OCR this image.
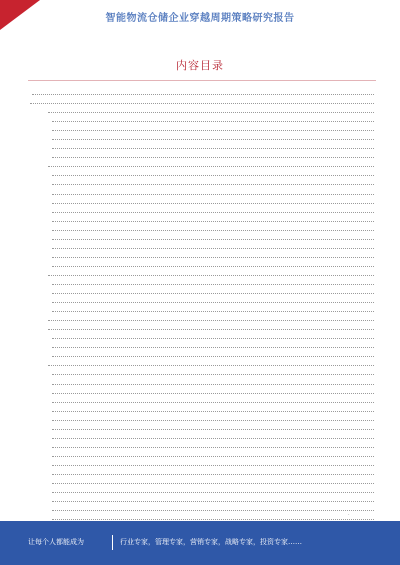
智能物流仓储企业穿越周期策略研究报告
内容目录
·
让每个人都能成为	行业专家，管理专家，营销专家，战略专家，投资专家……
